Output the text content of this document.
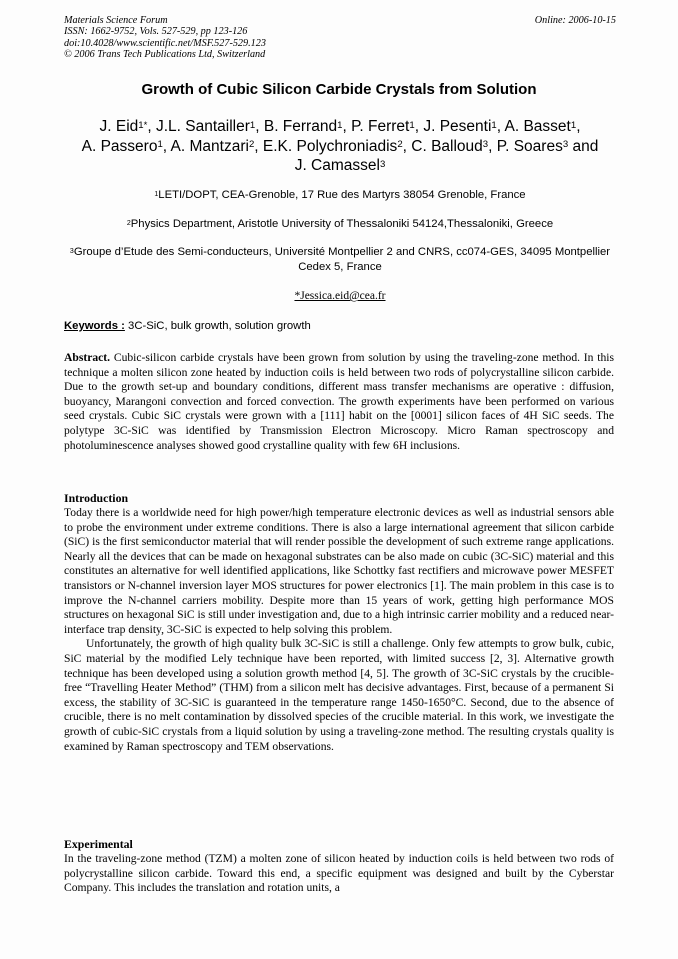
Materials Science Forum
ISSN: 1662-9752, Vols. 527-529, pp 123-126
doi:10.4028/www.scientific.net/MSF.527-529.123
© 2006 Trans Tech Publications Ltd, Switzerland
Online: 2006-10-15
Growth of Cubic Silicon Carbide Crystals from Solution
J. Eid$^{1*}$, J.L. Santailler$^1$, B. Ferrand$^1$, P. Ferret$^1$, J. Pesenti$^1$, A. Basset$^1$,
A. Passero$^1$, A. Mantzari$^2$, E.K. Polychroniadis$^2$, C. Balloud$^3$, P. Soares$^3$ and
J. Camassel$^3$
$^1$LETI/DOPT, CEA-Grenoble, 17 Rue des Martyrs 38054 Grenoble, France
$^2$Physics Department, Aristotle University of Thessaloniki 54124,Thessaloniki, Greece
$^3$Groupe d’Etude des Semi-conducteurs, Université Montpellier 2 and CNRS, cc074-GES, 34095 Montpellier Cedex 5, France
*Jessica.eid@cea.fr
Keywords : 3C-SiC, bulk growth, solution growth
Abstract. Cubic-silicon carbide crystals have been grown from solution by using the traveling-zone method. In this technique a molten silicon zone heated by induction coils is held between two rods of polycrystalline silicon carbide. Due to the growth set-up and boundary conditions, different mass transfer mechanisms are operative : diffusion, buoyancy, Marangoni convection and forced convection. The growth experiments have been performed on various seed crystals. Cubic SiC crystals were grown with a [111] habit on the [0001] silicon faces of 4H SiC seeds. The polytype 3C-SiC was identified by Transmission Electron Microscopy. Micro Raman spectroscopy and photoluminescence analyses showed good crystalline quality with few 6H inclusions.
Introduction

Today there is a worldwide need for high power/high temperature electronic devices as well as industrial sensors able to probe the environment under extreme conditions. There is also a large international agreement that silicon carbide (SiC) is the first semiconductor material that will render possible the development of such extreme range applications. Nearly all the devices that can be made on hexagonal substrates can be also made on cubic (3C-SiC) material and this constitutes an alternative for well identified applications, like Schottky fast rectifiers and microwave power MESFET transistors or N-channel inversion layer MOS structures for power electronics [1]. The main problem in this case is to improve the N-channel carriers mobility. Despite more than 15 years of work, getting high performance MOS structures on hexagonal SiC is still under investigation and, due to a high intrinsic carrier mobility and a reduced near-interface trap density, 3C-SiC is expected to help solving this problem.

Unfortunately, the growth of high quality bulk 3C-SiC is still a challenge. Only few attempts to grow bulk, cubic, SiC material by the modified Lely technique have been reported, with limited success [2, 3]. Alternative growth technique has been developed using a solution growth method [4, 5]. The growth of 3C-SiC crystals by the crucible-free “Travelling Heater Method” (THM) from a silicon melt has decisive advantages. First, because of a permanent Si excess, the stability of 3C-SiC is guaranteed in the temperature range 1450-1650°C. Second, due to the absence of crucible, there is no melt contamination by dissolved species of the crucible material. In this work, we investigate the growth of cubic-SiC crystals from a liquid solution by using a traveling-zone method. The resulting crystals quality is examined by Raman spectroscopy and TEM observations.

Experimental

In the traveling-zone method (TZM) a molten zone of silicon heated by induction coils is held between two rods of polycrystalline silicon carbide. Toward this end, a specific equipment was designed and built by the Cyberstar Company. This includes the translation and rotation units, a
